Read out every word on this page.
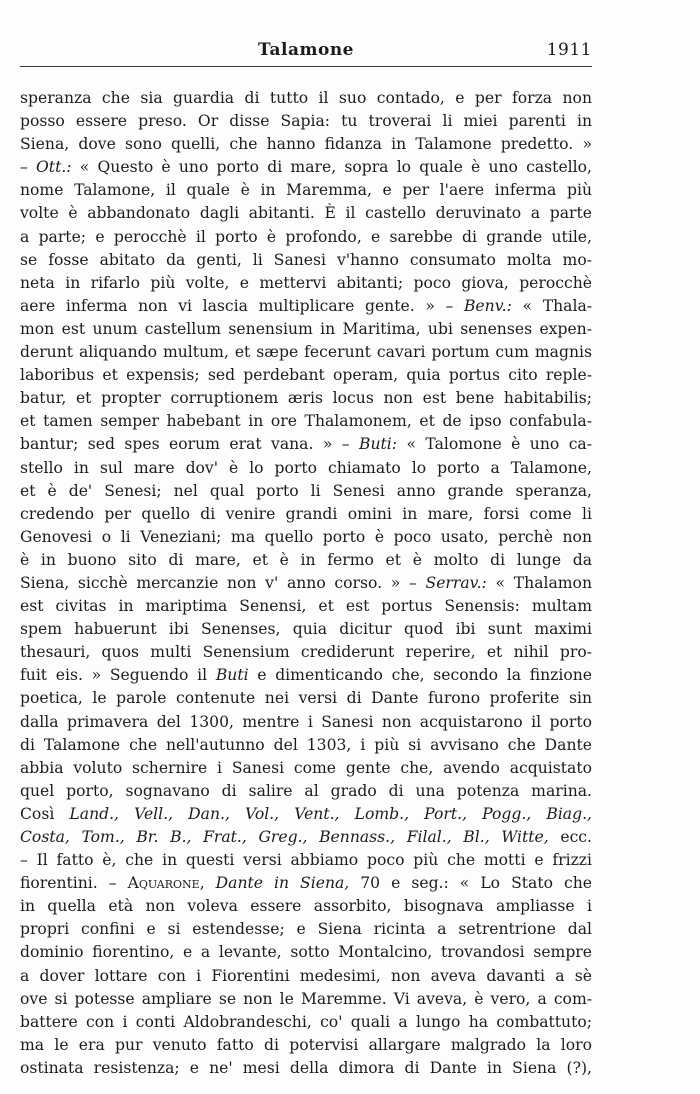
Talamone	1911
speranza che sia guardia di tutto il suo contado, e per forza non
posso essere preso. Or disse Sapia: tu troverai li miei parenti in
Siena, dove sono quelli, che hanno fidanza in Talamone predetto. »
– Ott.: « Questo è uno porto di mare, sopra lo quale è uno castello,
nome Talamone, il quale è in Maremma, e per l'aere inferma più
volte è abbandonato dagli abitanti. È il castello deruvinato a parte
a parte; e perocchè il porto è profondo, e sarebbe di grande utile,
se fosse abitato da genti, li Sanesi v'hanno consumato molta mo-
neta in rifarlo più volte, e mettervi abitanti; poco giova, perocchè
aere inferma non vi lascia multiplicare gente. » – Benv.: « Thala-
mon est unum castellum senensium in Maritima, ubi senenses expen-
derunt aliquando multum, et sæpe fecerunt cavari portum cum magnis
laboribus et expensis; sed perdebant operam, quia portus cito reple-
batur, et propter corruptionem æris locus non est bene habitabilis;
et tamen semper habebant in ore Thalamonem, et de ipso confabula-
bantur; sed spes eorum erat vana. » – Buti: « Talomone è uno ca-
stello in sul mare dov' è lo porto chiamato lo porto a Talamone,
et è de' Senesi; nel qual porto li Senesi anno grande speranza,
credendo per quello di venire grandi omini in mare, forsi come li
Genovesi o li Veneziani; ma quello porto è poco usato, perchè non
è in buono sito di mare, et è in fermo et è molto di lunge da
Siena, sicchè mercanzie non v' anno corso. » – Serrav.: « Thalamon
est civitas in mariptima Senensi, et est portus Senensis: multam
spem habuerunt ibi Senenses, quia dicitur quod ibi sunt maximi
thesauri, quos multi Senensium crediderunt reperire, et nihil pro-
fuit eis. » Seguendo il Buti e dimenticando che, secondo la finzione
poetica, le parole contenute nei versi di Dante furono proferite sin
dalla primavera del 1300, mentre i Sanesi non acquistarono il porto
di Talamone che nell'autunno del 1303, i più si avvisano che Dante
abbia voluto schernire i Sanesi come gente che, avendo acquistato
quel porto, sognavano di salire al grado di una potenza marina.
Così Land., Vell., Dan., Vol., Vent., Lomb., Port., Pogg., Biag.,
Costa, Tom., Br. B., Frat., Greg., Bennass., Filal., Bl., Witte, ecc.
– Il fatto è, che in questi versi abbiamo poco più che motti e frizzi
fiorentini. – Aquarone, Dante in Siena, 70 e seg.: « Lo Stato che
in quella età non voleva essere assorbito, bisognava ampliasse i
propri confini e si estendesse; e Siena ricinta a setrentrione dal
dominio fiorentino, e a levante, sotto Montalcino, trovandosi sempre
a dover lottare con i Fiorentini medesimi, non aveva davanti a sè
ove si potesse ampliare se non le Maremme. Vi aveva, è vero, a com-
battere con i conti Aldobrandeschi, co' quali a lungo ha combattuto;
ma le era pur venuto fatto di potervisi allargare malgrado la loro
ostinata resistenza; e ne' mesi della dimora di Dante in Siena (?),
